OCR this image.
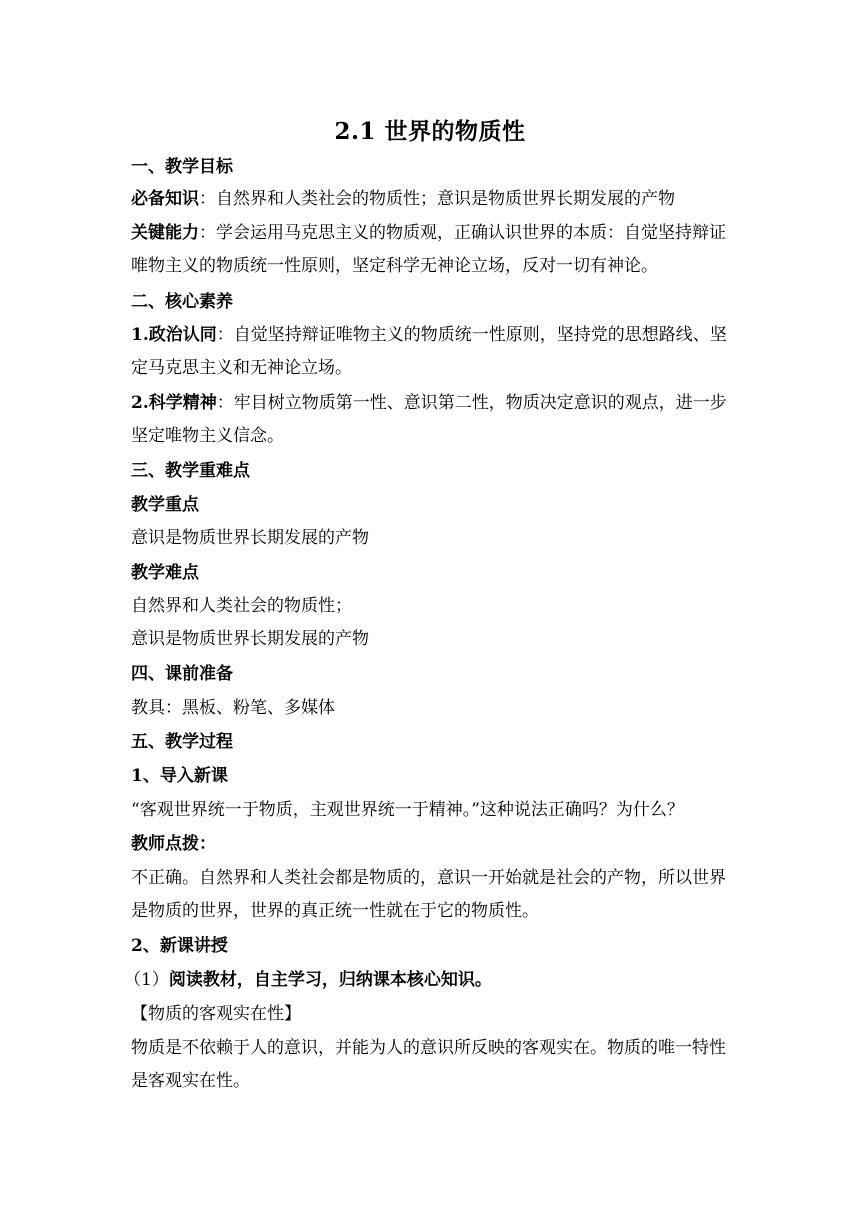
2.1 世界的物质性
一、教学目标
必备知识：自然界和人类社会的物质性；意识是物质世界长期发展的产物
关键能力：学会运用马克思主义的物质观，正确认识世界的本质：自觉坚持辩证
唯物主义的物质统一性原则，坚定科学无神论立场，反对一切有神论。
二、核心素养
1.政治认同：自觉坚持辩证唯物主义的物质统一性原则，坚持党的思想路线、坚
定马克思主义和无神论立场。
2.科学精神：牢目树立物质第一性、意识第二性，物质决定意识的观点，进一步
坚定唯物主义信念。
三、教学重难点
教学重点
意识是物质世界长期发展的产物
教学难点
自然界和人类社会的物质性；
意识是物质世界长期发展的产物
四、课前准备
教具：黑板、粉笔、多媒体
五、教学过程
1、导入新课
“客观世界统一于物质，主观世界统一于精神。”这种说法正确吗？为什么？
教师点拨：
不正确。自然界和人类社会都是物质的，意识一开始就是社会的产物，所以世界
是物质的世界，世界的真正统一性就在于它的物质性。
2、新课讲授
（1）阅读教材，自主学习，归纳课本核心知识。
【物质的客观实在性】
物质是不依赖于人的意识，并能为人的意识所反映的客观实在。物质的唯一特性
是客观实在性。
